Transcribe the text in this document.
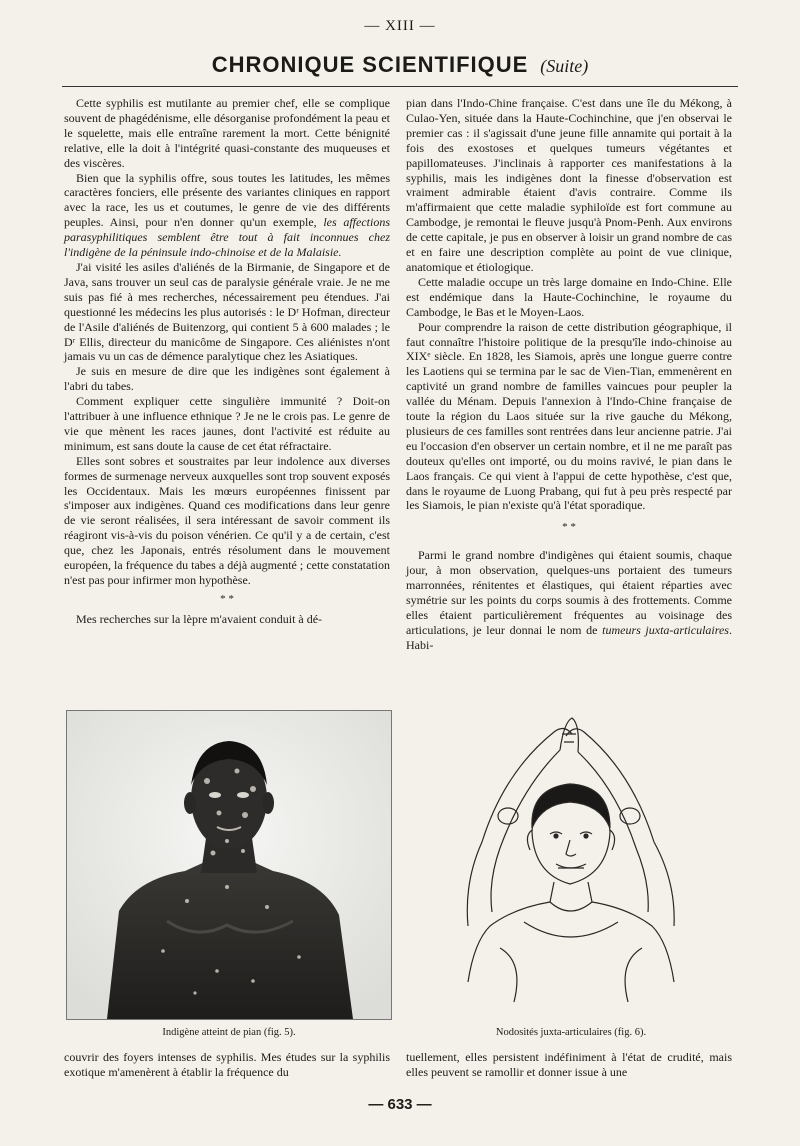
— XIII —
CHRONIQUE SCIENTIFIQUE (Suite)

Cette syphilis est mutilante au premier chef, elle se complique souvent de phagédénisme, elle désorganise profondément la peau et le squelette, mais elle entraîne rarement la mort. Cette bénignité relative, elle la doit à l'intégrité quasi-constante des muqueuses et des viscères.

Bien que la syphilis offre, sous toutes les latitudes, les mêmes caractères fonciers, elle présente des variantes cliniques en rapport avec la race, les us et coutumes, le genre de vie des différents peuples. Ainsi, pour n'en donner qu'un exemple, les affections parasyphilitiques semblent être tout à fait inconnues chez l'indigène de la péninsule indo-chinoise et de la Malaisie.

J'ai visité les asiles d'aliénés de la Birmanie, de Singapore et de Java, sans trouver un seul cas de paralysie générale vraie. Je ne me suis pas fié à mes recherches, nécessairement peu étendues. J'ai questionné les médecins les plus autorisés : le Dʳ Hofman, directeur de l'Asile d'aliénés de Buitenzorg, qui contient 5 à 600 malades ; le Dʳ Ellis, directeur du manicôme de Singapore. Ces aliénistes n'ont jamais vu un cas de démence paralytique chez les Asiatiques.

Je suis en mesure de dire que les indigènes sont également à l'abri du tabes.

Comment expliquer cette singulière immunité ? Doit-on l'attribuer à une influence ethnique ? Je ne le crois pas. Le genre de vie que mènent les races jaunes, dont l'activité est réduite au minimum, est sans doute la cause de cet état réfractaire.

Elles sont sobres et soustraites par leur indolence aux diverses formes de surmenage nerveux auxquelles sont trop souvent exposés les Occidentaux. Mais les mœurs européennes finissent par s'imposer aux indigènes. Quand ces modifications dans leur genre de vie seront réalisées, il sera intéressant de savoir comment ils réagiront vis-à-vis du poison vénérien. Ce qu'il y a de certain, c'est que, chez les Japonais, entrés résolument dans le mouvement européen, la fréquence du tabes a déjà augmenté ; cette constatation n'est pas pour infirmer mon hypothèse.

* *

Mes recherches sur la lèpre m'avaient conduit à dé-

pian dans l'Indo-Chine française. C'est dans une île du Mékong, à Culao-Yen, située dans la Haute-Cochinchine, que j'en observai le premier cas : il s'agissait d'une jeune fille annamite qui portait à la fois des exostoses et quelques tumeurs végétantes et papillomateuses. J'inclinais à rapporter ces manifestations à la syphilis, mais les indigènes dont la finesse d'observation est vraiment admirable étaient d'avis contraire. Comme ils m'affirmaient que cette maladie syphiloïde est fort commune au Cambodge, je remontai le fleuve jusqu'à Pnom-Penh. Aux environs de cette capitale, je pus en observer à loisir un grand nombre de cas et en faire une description complète au point de vue clinique, anatomique et étiologique.

Cette maladie occupe un très large domaine en Indo-Chine. Elle est endémique dans la Haute-Cochinchine, le royaume du Cambodge, le Bas et le Moyen-Laos.

Pour comprendre la raison de cette distribution géographique, il faut connaître l'histoire politique de la presqu'île indo-chinoise au XIXᵉ siècle. En 1828, les Siamois, après une longue guerre contre les Laotiens qui se termina par le sac de Vien-Tian, emmenèrent en captivité un grand nombre de familles vaincues pour peupler la vallée du Ménam. Depuis l'annexion à l'Indo-Chine française de toute la région du Laos située sur la rive gauche du Mékong, plusieurs de ces familles sont rentrées dans leur ancienne patrie. J'ai eu l'occasion d'en observer un certain nombre, et il ne me paraît pas douteux qu'elles ont importé, ou du moins ravivé, le pian dans le Laos français. Ce qui vient à l'appui de cette hypothèse, c'est que, dans le royaume de Luong Prabang, qui fut à peu près respecté par les Siamois, le pian n'existe qu'à l'état sporadique.

* *

Parmi le grand nombre d'indigènes qui étaient soumis, chaque jour, à mon observation, quelques-uns portaient des tumeurs marronnées, rénitentes et élastiques, qui étaient réparties avec symétrie sur les points du corps soumis à des frottements. Comme elles étaient particulièrement fréquentes au voisinage des articulations, je leur donnai le nom de tumeurs juxta-articulaires. Habi-

Indigène atteint de pian (fig. 5).	Nodosités juxta-articulaires (fig. 6).

couvrir des foyers intenses de syphilis. Mes études sur la syphilis exotique m'amenèrent à établir la fréquence du

tuellement, elles persistent indéfiniment à l'état de crudité, mais elles peuvent se ramollir et donner issue à une

— 633 —
